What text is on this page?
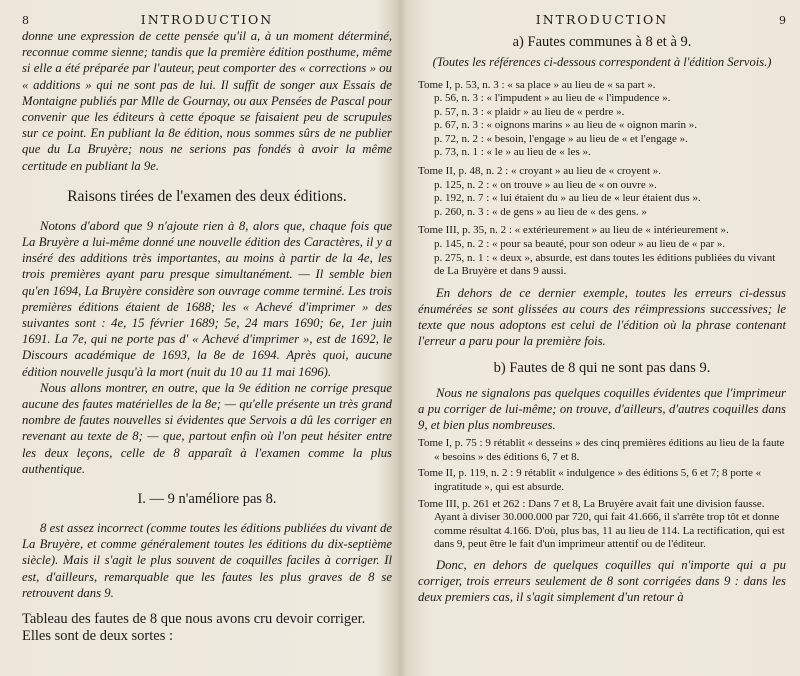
8	INTRODUCTION

donne une expression de cette pensée qu'il a, à un moment déterminé, reconnue comme sienne; tandis que la première édition posthume, même si elle a été préparée par l'auteur, peut comporter des « corrections » ou « additions » qui ne sont pas de lui. Il suffit de songer aux Essais de Montaigne publiés par Mlle de Gournay, ou aux Pensées de Pascal pour convenir que les éditeurs à cette époque se faisaient peu de scrupules sur ce point. En publiant la 8e édition, nous sommes sûrs de ne publier que du La Bruyère; nous ne serions pas fondés à avoir la même certitude en publiant la 9e.

Raisons tirées de l'examen des deux éditions.

Notons d'abord que 9 n'ajoute rien à 8, alors que, chaque fois que La Bruyère a lui-même donné une nouvelle édition des Caractères, il y a inséré des additions très importantes, au moins à partir de la 4e, les trois premières ayant paru presque simultanément. — Il semble bien qu'en 1694, La Bruyère considère son ouvrage comme terminé. Les trois premières éditions étaient de 1688; les « Achevé d'imprimer » des suivantes sont : 4e, 15 février 1689; 5e, 24 mars 1690; 6e, 1er juin 1691. La 7e, qui ne porte pas d' « Achevé d'imprimer », est de 1692, le Discours académique de 1693, la 8e de 1694. Après quoi, aucune édition nouvelle jusqu'à la mort (nuit du 10 au 11 mai 1696).

Nous allons montrer, en outre, que la 9e édition ne corrige presque aucune des fautes matérielles de la 8e; — qu'elle présente un très grand nombre de fautes nouvelles si évidentes que Servois a dû les corriger en revenant au texte de 8; — que, partout enfin où l'on peut hésiter entre les deux leçons, celle de 8 apparaît à l'examen comme la plus authentique.

I. — 9 n'améliore pas 8.

8 est assez incorrect (comme toutes les éditions publiées du vivant de La Bruyère, et comme généralement toutes les éditions du dix-septième siècle). Mais il s'agit le plus souvent de coquilles faciles à corriger. Il est, d'ailleurs, remarquable que les fautes les plus graves de 8 se retrouvent dans 9.

Tableau des fautes de 8 que nous avons cru devoir corriger. Elles sont de deux sortes :

INTRODUCTION	9
a) Fautes communes à 8 et à 9.

(Toutes les références ci-dessous correspondent à l'édition Servois.)

Tome I, p. 53, n. 3 : « sa place » au lieu de « sa part ».

p. 56, n. 3 : « l'impudent » au lieu de « l'impudence ».

p. 57, n. 3 : « plaidr » au lieu de « perdre ».

p. 67, n. 3 : « oignons marins » au lieu de « oignon marin ».

p. 72, n. 2 : « besoin, l'engage » au lieu de « et l'engage ».

p. 73, n. 1 : « le » au lieu de « les ».

Tome II, p. 48, n. 2 : « croyant » au lieu de « croyent ».

p. 125, n. 2 : « on trouve » au lieu de « on ouvre ».

p. 192, n. 7 : « lui étaient du » au lieu de « leur étaient dus ».

p. 260, n. 3 : « de gens » au lieu de « des gens. »

Tome III, p. 35, n. 2 : « extérieurement » au lieu de « intérieurement ».

p. 145, n. 2 : « pour sa beauté, pour son odeur » au lieu de « par ».

p. 275, n. 1 : « deux », absurde, est dans toutes les éditions publiées du vivant de La Bruyère et dans 9 aussi.

En dehors de ce dernier exemple, toutes les erreurs ci-dessus énumérées se sont glissées au cours des réimpressions successives; le texte que nous adoptons est celui de l'édition où la phrase contenant l'erreur a paru pour la première fois.

b) Fautes de 8 qui ne sont pas dans 9.

Nous ne signalons pas quelques coquilles évidentes que l'imprimeur a pu corriger de lui-même; on trouve, d'ailleurs, d'autres coquilles dans 9, et bien plus nombreuses.

Tome I, p. 75 : 9 rétablit « desseins » des cinq premières éditions au lieu de la faute « besoins » des éditions 6, 7 et 8.

Tome II, p. 119, n. 2 : 9 rétablit « indulgence » des éditions 5, 6 et 7; 8 porte « ingratitude », qui est absurde.

Tome III, p. 261 et 262 : Dans 7 et 8, La Bruyère avait fait une division fausse. Ayant à diviser 30.000.000 par 720, qui fait 41.666, il s'arrête trop tôt et donne comme résultat 4.166. D'où, plus bas, 11 au lieu de 114. La rectification, qui est dans 9, peut être le fait d'un imprimeur attentif ou de l'éditeur.

Donc, en dehors de quelques coquilles qui n'importe qui a pu corriger, trois erreurs seulement de 8 sont corrigées dans 9 : dans les deux premiers cas, il s'agit simplement d'un retour à
